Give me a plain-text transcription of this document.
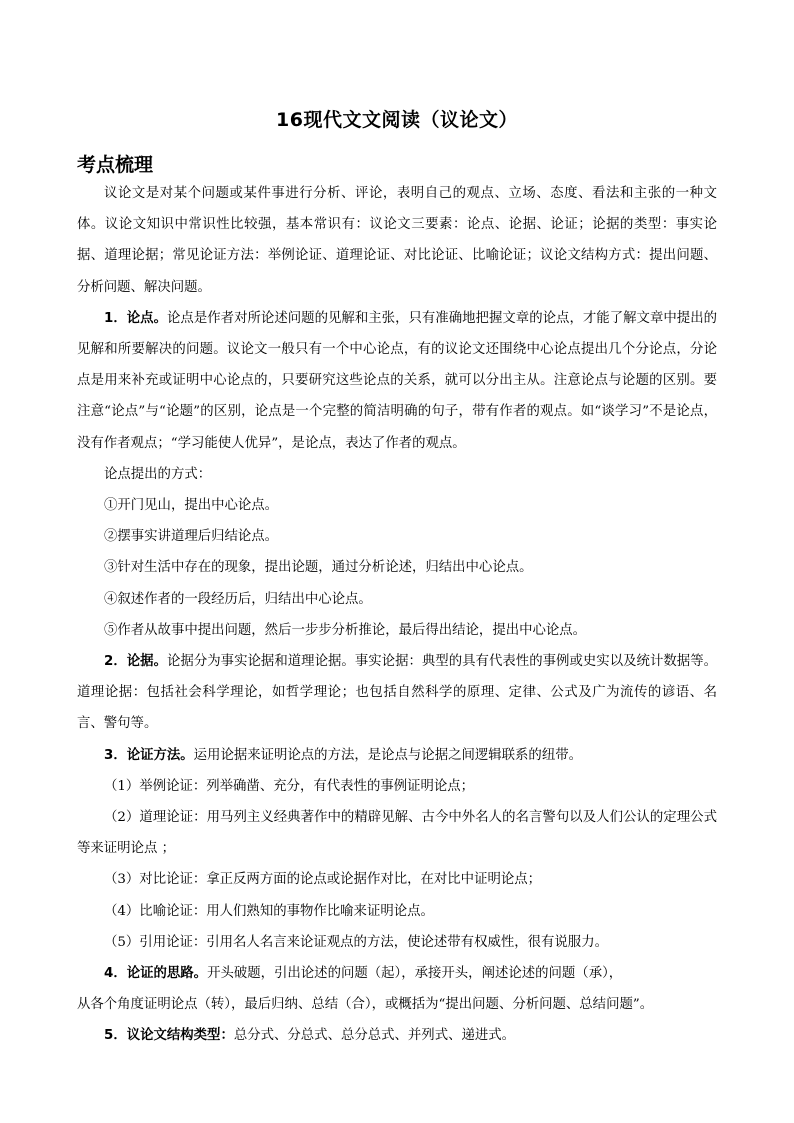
16现代文文阅读（议论文）
考点梳理

议论文是对某个问题或某件事进行分析、评论，表明自己的观点、立场、态度、看法和主张的一种文体。议论文知识中常识性比较强，基本常识有：议论文三要素：论点、论据、论证；论据的类型：事实论据、道理论据；常见论证方法：举例论证、道理论证、对比论证、比喻论证；议论文结构方式：提出问题、分析问题、解决问题。

1．论点。论点是作者对所论述问题的见解和主张，只有准确地把握文章的论点，才能了解文章中提出的见解和所要解决的问题。议论文一般只有一个中心论点，有的议论文还围绕中心论点提出几个分论点，分论点是用来补充或证明中心论点的，只要研究这些论点的关系，就可以分出主从。注意论点与论题的区别。要注意“论点”与“论题”的区别，论点是一个完整的简洁明确的句子，带有作者的观点。如“谈学习”不是论点，没有作者观点；“学习能使人优异”，是论点，表达了作者的观点。

论点提出的方式：

①开门见山，提出中心论点。

②摆事实讲道理后归结论点。

③针对生活中存在的现象，提出论题，通过分析论述，归结出中心论点。

④叙述作者的一段经历后，归结出中心论点。

⑤作者从故事中提出问题，然后一步步分析推论，最后得出结论，提出中心论点。

2．论据。论据分为事实论据和道理论据。事实论据：典型的具有代表性的事例或史实以及统计数据等。道理论据：包括社会科学理论，如哲学理论；也包括自然科学的原理、定律、公式及广为流传的谚语、名言、警句等。

3．论证方法。运用论据来证明论点的方法，是论点与论据之间逻辑联系的纽带。

（1）举例论证：列举确凿、充分，有代表性的事例证明论点；

（2）道理论证：用马列主义经典著作中的精辟见解、古今中外名人的名言警句以及人们公认的定理公式等来证明论点 ；

（3）对比论证：拿正反两方面的论点或论据作对比，在对比中证明论点；

（4）比喻论证：用人们熟知的事物作比喻来证明论点。

（5）引用论证：引用名人名言来论证观点的方法，使论述带有权威性，很有说服力。

4．论证的思路。开头破题，引出论述的问题（起），承接开头，阐述论述的问题（承），

从各个角度证明论点（转），最后归纳、总结（合），或概括为“提出问题、分析问题、总结问题”。

5．议论文结构类型：总分式、分总式、总分总式、并列式、递进式。
